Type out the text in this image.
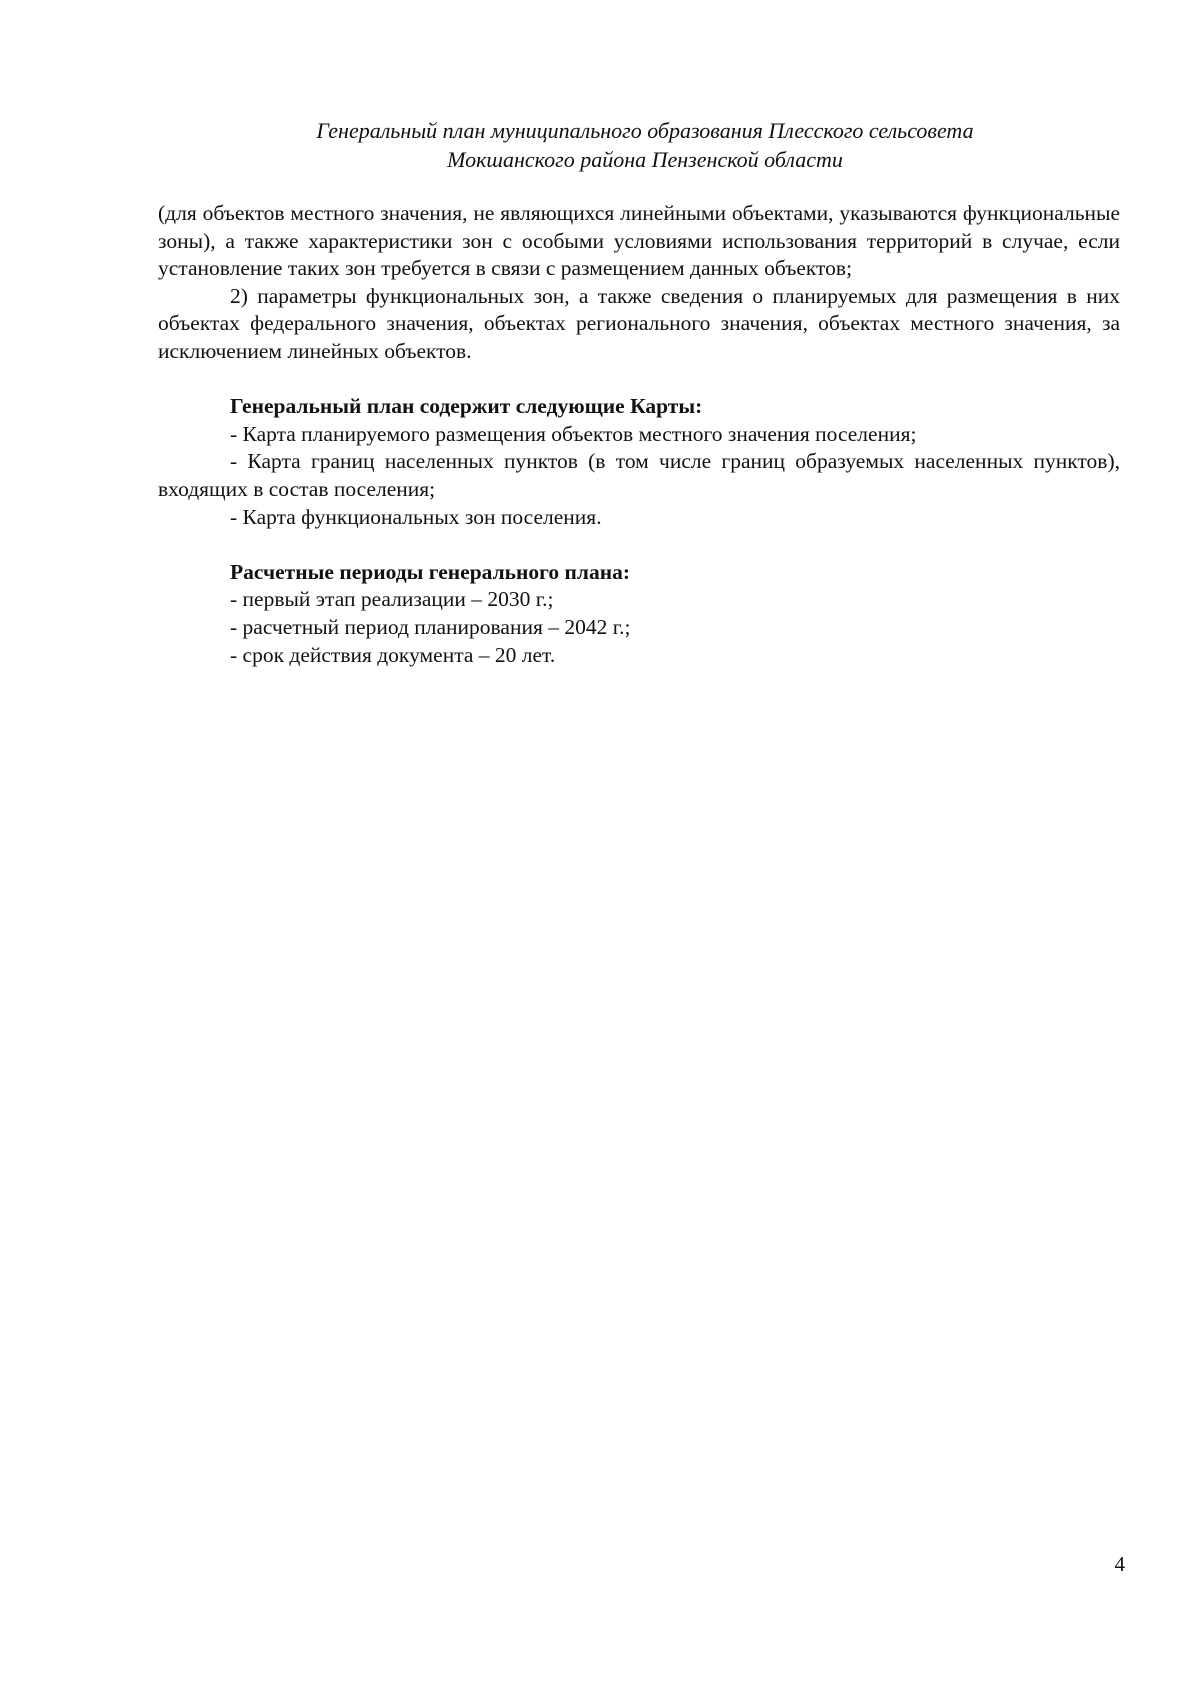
Генеральный план муниципального образования Плесского сельсовета
Мокшанского района Пензенской области

(для объектов местного значения, не являющихся линейными объектами, указываются функциональные зоны), а также характеристики зон с особыми условиями использования территорий в случае, если установление таких зон требуется в связи с размещением данных объектов;

2) параметры функциональных зон, а также сведения о планируемых для размещения в них объектах федерального значения, объектах регионального значения, объектах местного значения, за исключением линейных объектов.

Генеральный план содержит следующие Карты:

- Карта планируемого размещения объектов местного значения поселения;

- Карта границ населенных пунктов (в том числе границ образуемых населенных пунктов), входящих в состав поселения;

- Карта функциональных зон поселения.

Расчетные периоды генерального плана:

- первый этап реализации – 2030 г.;

- расчетный период планирования – 2042 г.;

- срок действия документа – 20 лет.

4
